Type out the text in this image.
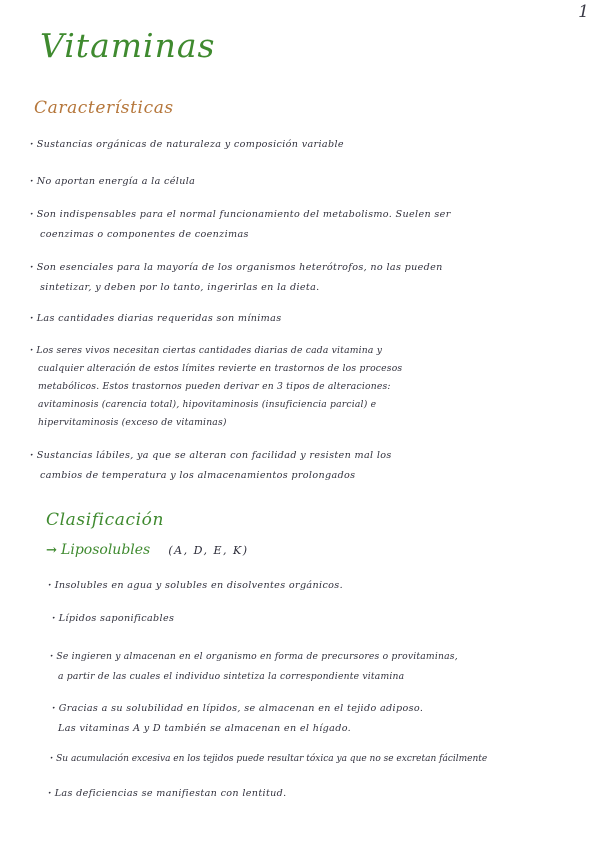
1
Vitaminas
Características
· Sustancias orgánicas de naturaleza y composición variable
· No aportan energía a la célula
· Son indispensables para el normal funcionamiento del metabolismo. Suelen ser
coenzimas o componentes de coenzimas
· Son esenciales para la mayoría de los organismos heterótrofos, no las pueden
sintetizar, y deben por lo tanto, ingerirlas en la dieta.
· Las cantidades diarias requeridas son mínimas
· Los seres vivos necesitan ciertas cantidades diarias de cada vitamina y
cualquier alteración de estos límites revierte en trastornos de los procesos
metabólicos. Estos trastornos pueden derivar en 3 tipos de alteraciones:
avitaminosis (carencia total), hipovitaminosis (insuficiencia parcial) e
hipervitaminosis (exceso de vitaminas)
· Sustancias lábiles, ya que se alteran con facilidad y resisten mal los
cambios de temperatura y los almacenamientos prolongados
Clasificación
→ Liposolubles (A, D, E, K)
· Insolubles en agua y solubles en disolventes orgánicos.
· Lípidos saponificables
· Se ingieren y almacenan en el organismo en forma de precursores o provitaminas,
a partir de las cuales el individuo sintetiza la correspondiente vitamina
· Gracias a su solubilidad en lípidos, se almacenan en el tejido adiposo.
Las vitaminas A y D también se almacenan en el hígado.
· Su acumulación excesiva en los tejidos puede resultar tóxica ya que no se excretan fácilmente
· Las deficiencias se manifiestan con lentitud.
